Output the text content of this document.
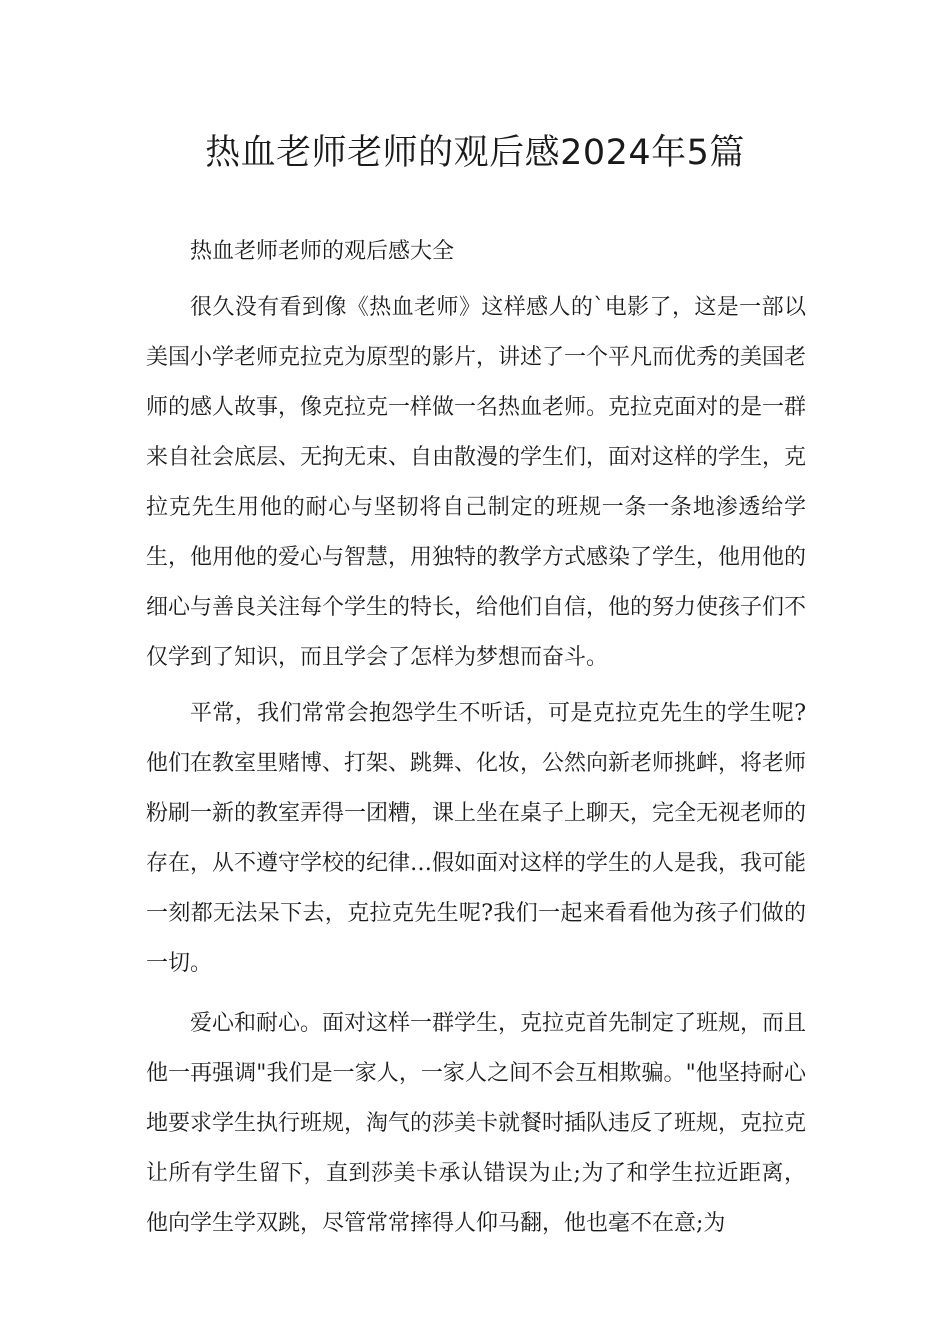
热血老师老师的观后感2024年5篇

热血老师老师的观后感大全

很久没有看到像《热血老师》这样感人的`电影了，这是一部以美国小学老师克拉克为原型的影片，讲述了一个平凡而优秀的美国老师的感人故事，像克拉克一样做一名热血老师。克拉克面对的是一群来自社会底层、无拘无束、自由散漫的学生们，面对这样的学生，克拉克先生用他的耐心与坚韧将自己制定的班规一条一条地渗透给学生，他用他的爱心与智慧，用独特的教学方式感染了学生，他用他的细心与善良关注每个学生的特长，给他们自信，他的努力使孩子们不仅学到了知识，而且学会了怎样为梦想而奋斗。

平常，我们常常会抱怨学生不听话，可是克拉克先生的学生呢?他们在教室里赌博、打架、跳舞、化妆，公然向新老师挑衅，将老师粉刷一新的教室弄得一团糟，课上坐在桌子上聊天，完全无视老师的存在，从不遵守学校的纪律…假如面对这样的学生的人是我，我可能一刻都无法呆下去，克拉克先生呢?我们一起来看看他为孩子们做的一切。

爱心和耐心。面对这样一群学生，克拉克首先制定了班规，而且他一再强调"我们是一家人，一家人之间不会互相欺骗。"他坚持耐心地要求学生执行班规，淘气的莎美卡就餐时插队违反了班规，克拉克让所有学生留下，直到莎美卡承认错误为止;为了和学生拉近距离，他向学生学双跳，尽管常常摔得人仰马翻，他也毫不在意;为
